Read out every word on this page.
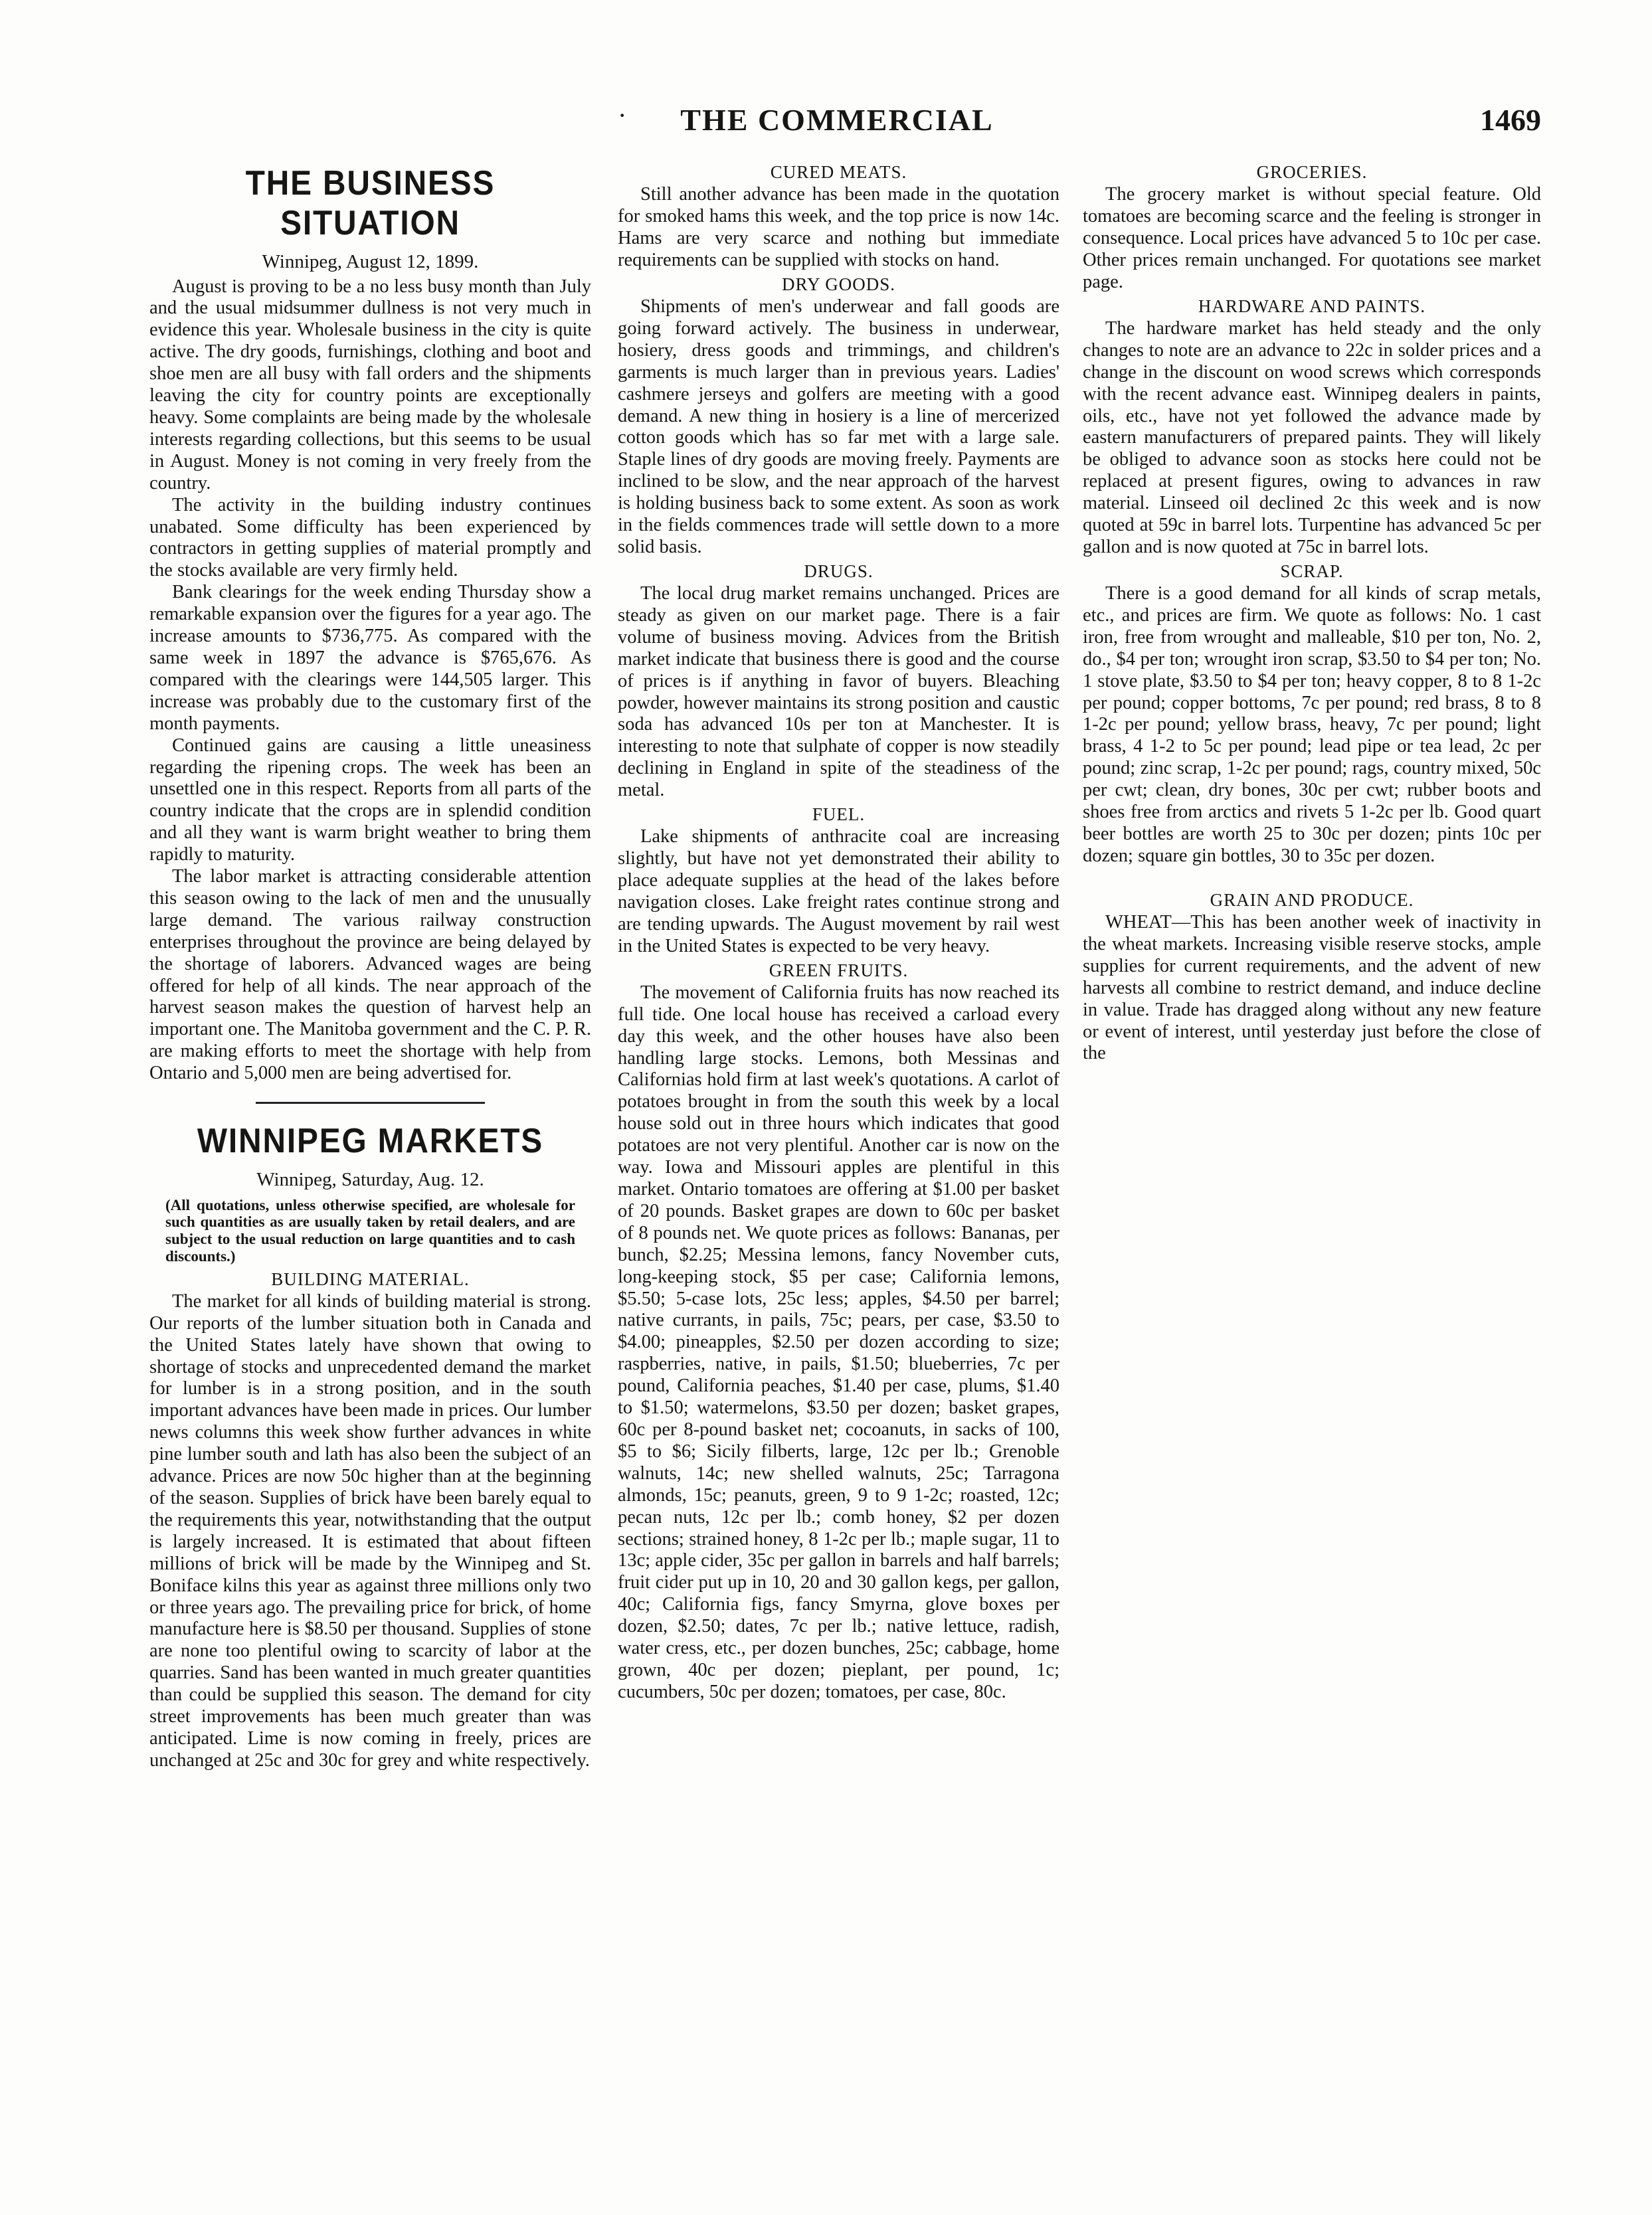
·	THE COMMERCIAL	1469
THE BUSINESS SITUATION
Winnipeg, August 12, 1899.

August is proving to be a no less busy month than July and the usual midsummer dullness is not very much in evidence this year. Wholesale business in the city is quite active. The dry goods, furnishings, clothing and boot and shoe men are all busy with fall orders and the shipments leaving the city for country points are exceptionally heavy. Some complaints are being made by the wholesale interests regarding collections, but this seems to be usual in August. Money is not coming in very freely from the country.

The activity in the building industry continues unabated. Some difficulty has been experienced by contractors in getting supplies of material promptly and the stocks available are very firmly held.

Bank clearings for the week ending Thursday show a remarkable expansion over the figures for a year ago. The increase amounts to $736,775. As compared with the same week in 1897 the advance is $765,676. As compared with the clearings were 144,505 larger. This increase was probably due to the customary first of the month payments.

Continued gains are causing a little uneasiness regarding the ripening crops. The week has been an unsettled one in this respect. Reports from all parts of the country indicate that the crops are in splendid condition and all they want is warm bright weather to bring them rapidly to maturity.

The labor market is attracting considerable attention this season owing to the lack of men and the unusually large demand. The various railway construction enterprises throughout the province are being delayed by the shortage of laborers. Advanced wages are being offered for help of all kinds. The near approach of the harvest season makes the question of harvest help an important one. The Manitoba government and the C. P. R. are making efforts to meet the shortage with help from Ontario and 5,000 men are being advertised for.

WINNIPEG MARKETS
Winnipeg, Saturday, Aug. 12.
(All quotations, unless otherwise specified, are wholesale for such quantities as are usually taken by retail dealers, and are subject to the usual reduction on large quantities and to cash discounts.)
BUILDING MATERIAL.

The market for all kinds of building material is strong. Our reports of the lumber situation both in Canada and the United States lately have shown that owing to shortage of stocks and unprecedented demand the market for lumber is in a strong position, and in the south important advances have been made in prices. Our lumber news columns this week show further advances in white pine lumber south and lath has also been the subject of an advance. Prices are now 50c higher than at the beginning of the season. Supplies of brick have been barely equal to the requirements this year, notwithstanding that the output is largely increased. It is estimated that about fifteen millions of brick will be made by the Winnipeg and St. Boniface kilns this year as against three millions only two or three years ago. The prevailing price for brick, of home manufacture here is $8.50 per thousand. Supplies of stone are none too plentiful owing to scarcity of labor at the quarries. Sand has been wanted in much greater quantities than could be supplied this season. The demand for city street improvements has been much greater than was anticipated. Lime is now coming in freely, prices are unchanged at 25c and 30c for grey and white respectively.

CURED MEATS.

Still another advance has been made in the quotation for smoked hams this week, and the top price is now 14c. Hams are very scarce and nothing but immediate requirements can be supplied with stocks on hand.

DRY GOODS.

Shipments of men's underwear and fall goods are going forward actively. The business in underwear, hosiery, dress goods and trimmings, and children's garments is much larger than in previous years. Ladies' cashmere jerseys and golfers are meeting with a good demand. A new thing in hosiery is a line of mercerized cotton goods which has so far met with a large sale. Staple lines of dry goods are moving freely. Payments are inclined to be slow, and the near approach of the harvest is holding business back to some extent. As soon as work in the fields commences trade will settle down to a more solid basis.

DRUGS.

The local drug market remains unchanged. Prices are steady as given on our market page. There is a fair volume of business moving. Advices from the British market indicate that business there is good and the course of prices is if anything in favor of buyers. Bleaching powder, however maintains its strong position and caustic soda has advanced 10s per ton at Manchester. It is interesting to note that sulphate of copper is now steadily declining in England in spite of the steadiness of the metal.

FUEL.

Lake shipments of anthracite coal are increasing slightly, but have not yet demonstrated their ability to place adequate supplies at the head of the lakes before navigation closes. Lake freight rates continue strong and are tending upwards. The August movement by rail west in the United States is expected to be very heavy.

GREEN FRUITS.

The movement of California fruits has now reached its full tide. One local house has received a carload every day this week, and the other houses have also been handling large stocks. Lemons, both Messinas and Californias hold firm at last week's quotations. A carlot of potatoes brought in from the south this week by a local house sold out in three hours which indicates that good potatoes are not very plentiful. Another car is now on the way. Iowa and Missouri apples are plentiful in this market. Ontario tomatoes are offering at $1.00 per basket of 20 pounds. Basket grapes are down to 60c per basket of 8 pounds net. We quote prices as follows: Bananas, per bunch, $2.25; Messina lemons, fancy November cuts, long-keeping stock, $5 per case; California lemons, $5.50; 5-case lots, 25c less; apples, $4.50 per barrel; native currants, in pails, 75c; pears, per case, $3.50 to $4.00; pineapples, $2.50 per dozen according to size; raspberries, native, in pails, $1.50; blueberries, 7c per pound, California peaches, $1.40 per case, plums, $1.40 to $1.50; watermelons, $3.50 per dozen; basket grapes, 60c per 8-pound basket net; cocoanuts, in sacks of 100, $5 to $6; Sicily filberts, large, 12c per lb.; Grenoble walnuts, 14c; new shelled walnuts, 25c; Tarragona almonds, 15c; peanuts, green, 9 to 9 1-2c; roasted, 12c; pecan nuts, 12c per lb.; comb honey, $2 per dozen sections; strained honey, 8 1-2c per lb.; maple sugar, 11 to 13c; apple cider, 35c per gallon in barrels and half barrels; fruit cider put up in 10, 20 and 30 gallon kegs, per gallon, 40c; California figs, fancy Smyrna, glove boxes per dozen, $2.50; dates, 7c per lb.; native lettuce, radish, water cress, etc., per dozen bunches, 25c; cabbage, home grown, 40c per dozen; pieplant, per pound, 1c; cucumbers, 50c per dozen; tomatoes, per case, 80c.

GROCERIES.

The grocery market is without special feature. Old tomatoes are becoming scarce and the feeling is stronger in consequence. Local prices have advanced 5 to 10c per case. Other prices remain unchanged. For quotations see market page.

HARDWARE AND PAINTS.

The hardware market has held steady and the only changes to note are an advance to 22c in solder prices and a change in the discount on wood screws which corresponds with the recent advance east. Winnipeg dealers in paints, oils, etc., have not yet followed the advance made by eastern manufacturers of prepared paints. They will likely be obliged to advance soon as stocks here could not be replaced at present figures, owing to advances in raw material. Linseed oil declined 2c this week and is now quoted at 59c in barrel lots. Turpentine has advanced 5c per gallon and is now quoted at 75c in barrel lots.

SCRAP.

There is a good demand for all kinds of scrap metals, etc., and prices are firm. We quote as follows: No. 1 cast iron, free from wrought and malleable, $10 per ton, No. 2, do., $4 per ton; wrought iron scrap, $3.50 to $4 per ton; No. 1 stove plate, $3.50 to $4 per ton; heavy copper, 8 to 8 1-2c per pound; copper bottoms, 7c per pound; red brass, 8 to 8 1-2c per pound; yellow brass, heavy, 7c per pound; light brass, 4 1-2 to 5c per pound; lead pipe or tea lead, 2c per pound; zinc scrap, 1-2c per pound; rags, country mixed, 50c per cwt; clean, dry bones, 30c per cwt; rubber boots and shoes free from arctics and rivets 5 1-2c per lb. Good quart beer bottles are worth 25 to 30c per dozen; pints 10c per dozen; square gin bottles, 30 to 35c per dozen.

GRAIN AND PRODUCE.

WHEAT—This has been another week of inactivity in the wheat markets. Increasing visible reserve stocks, ample supplies for current requirements, and the advent of new harvests all combine to restrict demand, and induce decline in value. Trade has dragged along without any new feature or event of interest, until yesterday just before the close of the
